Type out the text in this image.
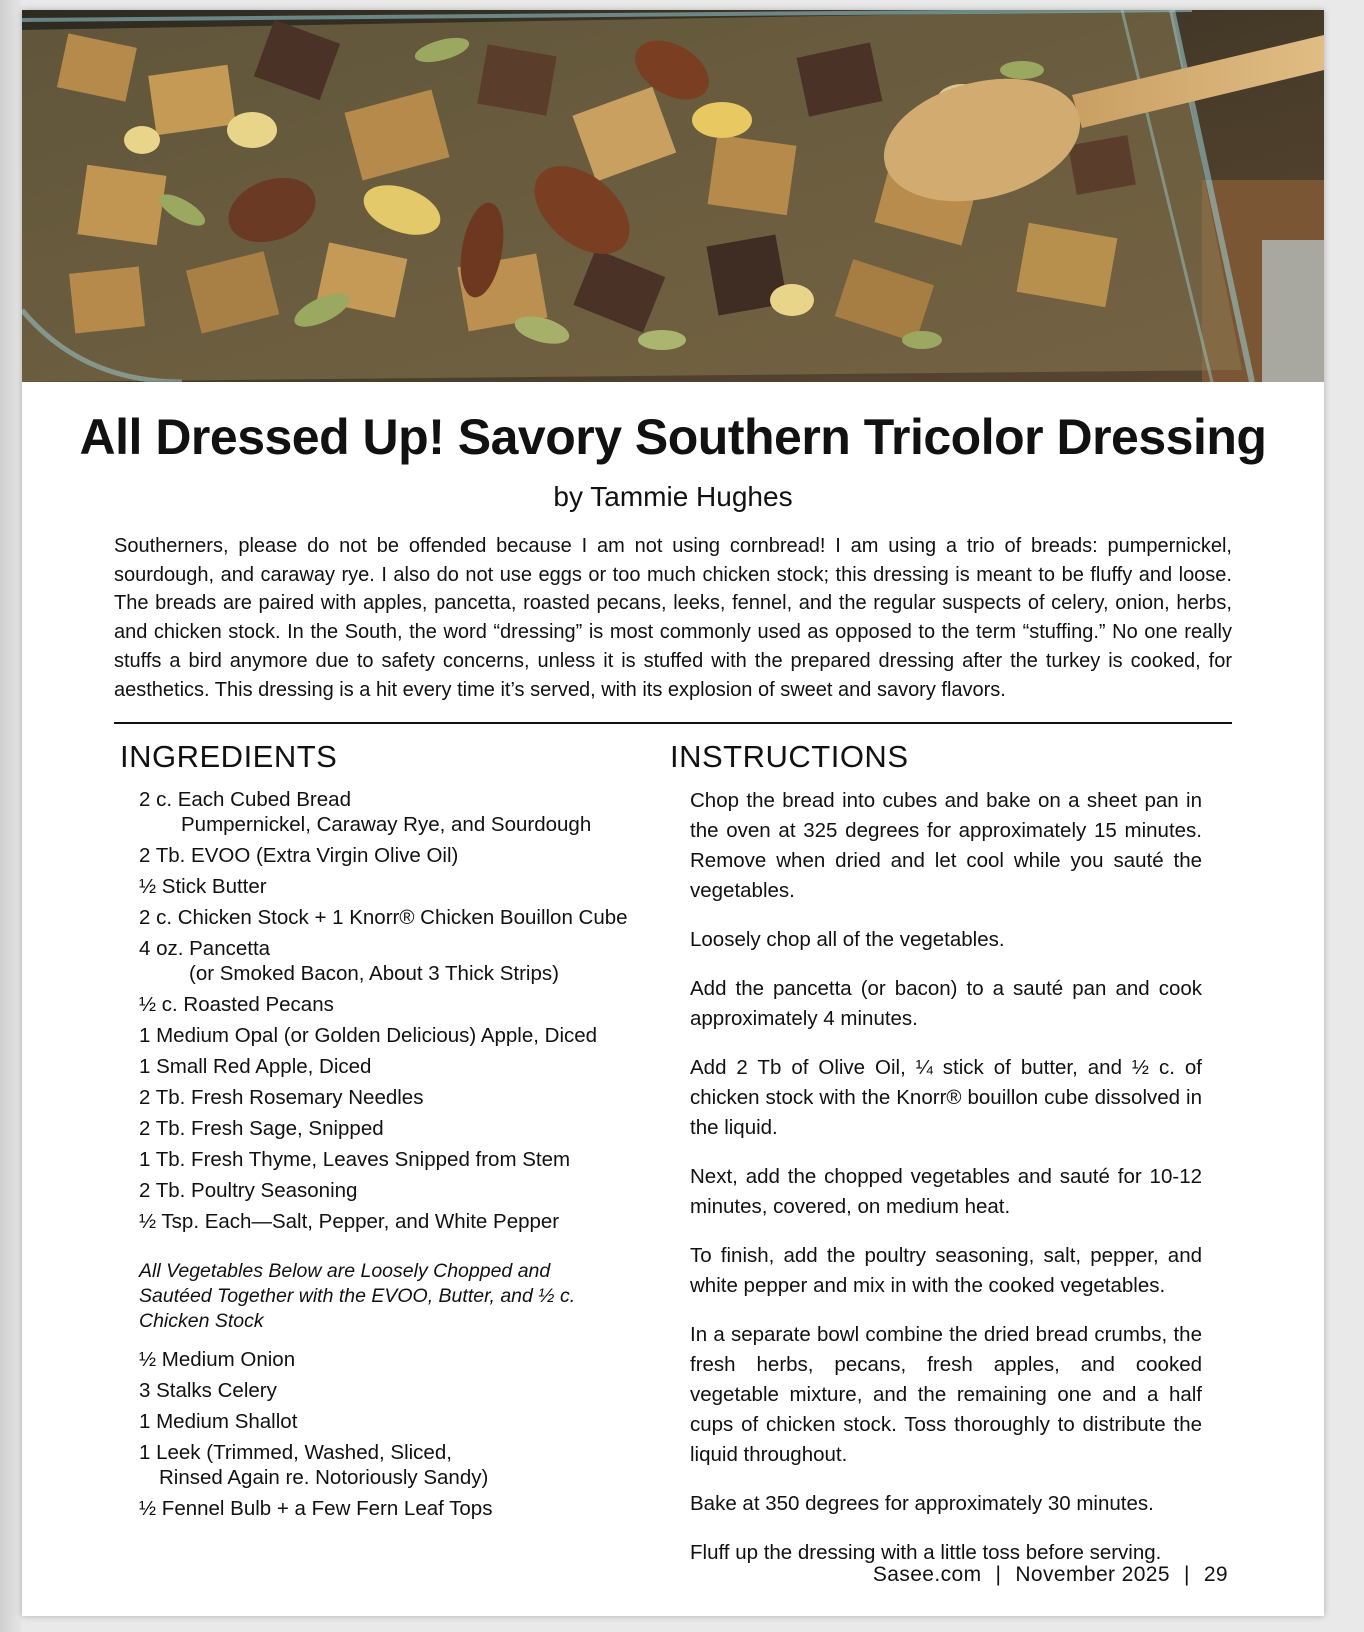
All Dressed Up! Savory Southern Tricolor Dressing
by Tammie Hughes

Southerners, please do not be offended because I am not using cornbread! I am using a trio of breads: pumpernickel, sourdough, and caraway rye. I also do not use eggs or too much chicken stock; this dressing is meant to be fluffy and loose. The breads are paired with apples, pancetta, roasted pecans, leeks, fennel, and the regular suspects of celery, onion, herbs, and chicken stock. In the South, the word “dressing” is most commonly used as opposed to the term “stuffing.” No one really stuffs a bird anymore due to safety concerns, unless it is stuffed with the prepared dressing after the turkey is cooked, for aesthetics. This dressing is a hit every time it’s served, with its explosion of sweet and savory flavors.

INGREDIENTS	INSTRUCTIONS
2 c. Each Cubed Bread
Pumpernickel, Caraway Rye, and Sourdough
2 Tb. EVOO (Extra Virgin Olive Oil)
½ Stick Butter
2 c. Chicken Stock + 1 Knorr® Chicken Bouillon Cube
4 oz. Pancetta
(or Smoked Bacon, About 3 Thick Strips)
½ c. Roasted Pecans
1 Medium Opal (or Golden Delicious) Apple, Diced
1 Small Red Apple, Diced
2 Tb. Fresh Rosemary Needles
2 Tb. Fresh Sage, Snipped
1 Tb. Fresh Thyme, Leaves Snipped from Stem
2 Tb. Poultry Seasoning
½ Tsp. Each—Salt, Pepper, and White Pepper
All Vegetables Below are Loosely Chopped and Sautéed Together with the EVOO, Butter, and ½ c. Chicken Stock
½ Medium Onion
3 Stalks Celery
1 Medium Shallot
1 Leek (Trimmed, Washed, Sliced,
Rinsed Again re. Notoriously Sandy)
½ Fennel Bulb + a Few Fern Leaf Tops

Chop the bread into cubes and bake on a sheet pan in the oven at 325 degrees for approximately 15 minutes. Remove when dried and let cool while you sauté the vegetables.

Loosely chop all of the vegetables.

Add the pancetta (or bacon) to a sauté pan and cook approximately 4 minutes.

Add 2 Tb of Olive Oil, ¼ stick of butter, and ½ c. of chicken stock with the Knorr® bouillon cube dissolved in the liquid.

Next, add the chopped vegetables and sauté for 10-12 minutes, covered, on medium heat.

To finish, add the poultry seasoning, salt, pepper, and white pepper and mix in with the cooked vegetables.

In a separate bowl combine the dried bread crumbs, the fresh herbs, pecans, fresh apples, and cooked vegetable mixture, and the remaining one and a half cups of chicken stock. Toss thoroughly to distribute the liquid throughout.

Bake at 350 degrees for approximately 30 minutes.

Fluff up the dressing with a little toss before serving.

Sasee.com | November 2025 | 29
